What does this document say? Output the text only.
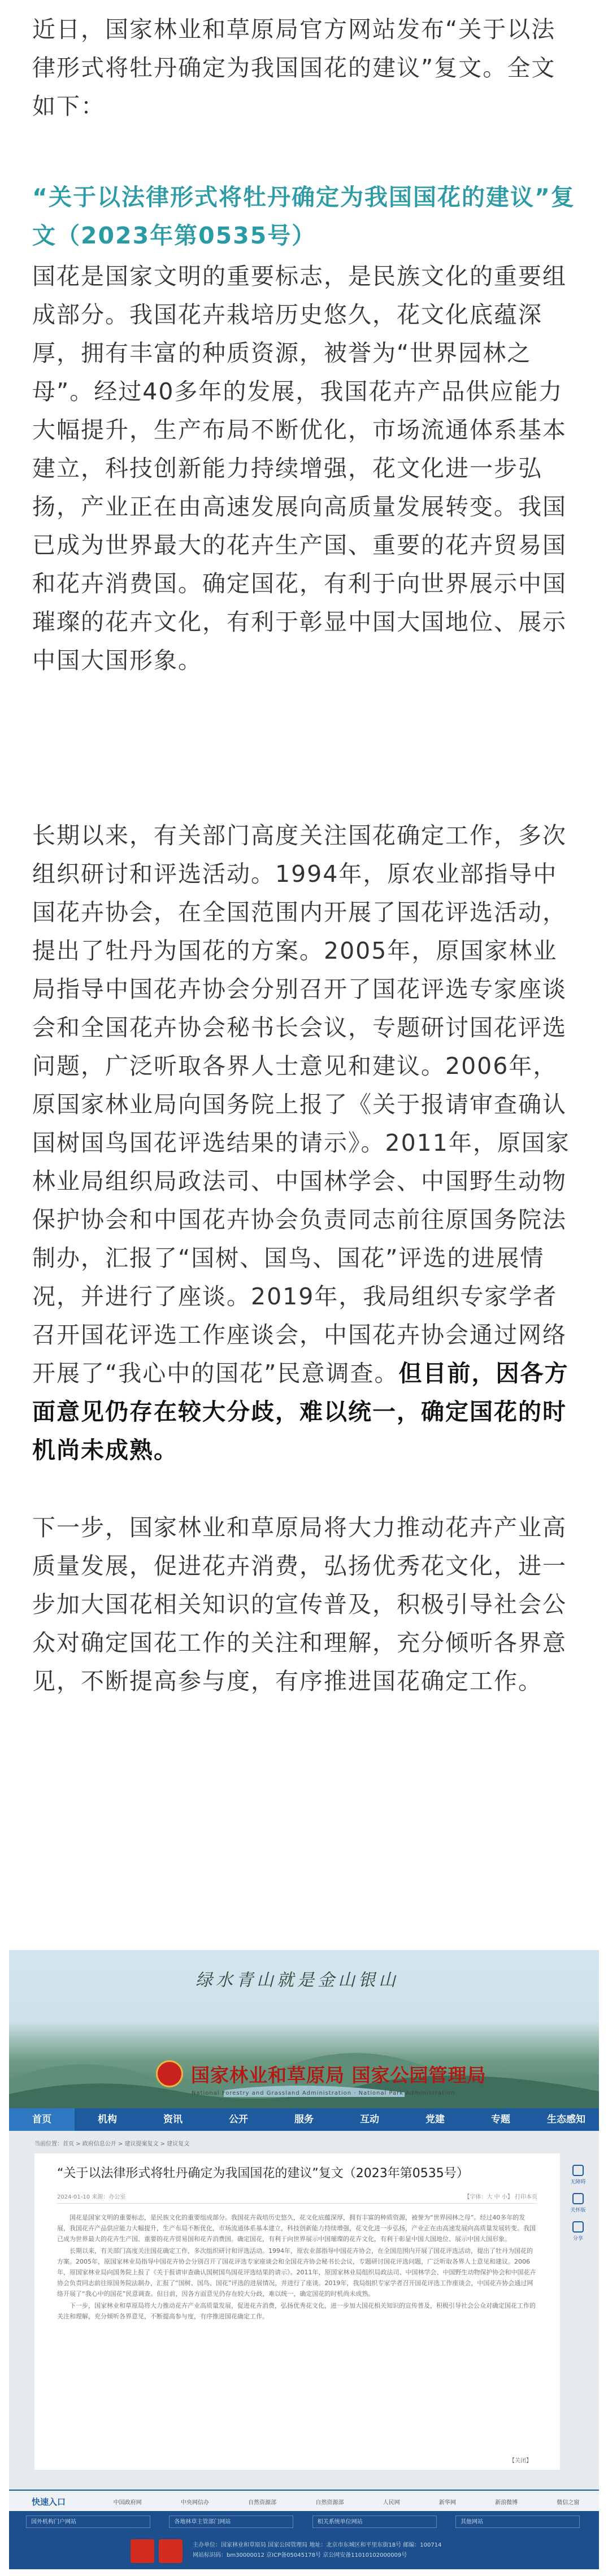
近日，国家林业和草原局官方网站发布“关于以法律形式将牡丹确定为我国国花的建议”复文。全文如下：

“关于以法律形式将牡丹确定为我国国花的建议”复文（2023年第0535号）

国花是国家文明的重要标志，是民族文化的重要组成部分。我国花卉栽培历史悠久，花文化底蕴深厚，拥有丰富的种质资源，被誉为“世界园林之母”。经过40多年的发展，我国花卉产品供应能力大幅提升，生产布局不断优化，市场流通体系基本建立，科技创新能力持续增强，花文化进一步弘扬，产业正在由高速发展向高质量发展转变。我国已成为世界最大的花卉生产国、重要的花卉贸易国和花卉消费国。确定国花，有利于向世界展示中国璀璨的花卉文化，有利于彰显中国大国地位、展示中国大国形象。

长期以来，有关部门高度关注国花确定工作，多次组织研讨和评选活动。1994年，原农业部指导中国花卉协会，在全国范围内开展了国花评选活动，提出了牡丹为国花的方案。2005年，原国家林业局指导中国花卉协会分别召开了国花评选专家座谈会和全国花卉协会秘书长会议，专题研讨国花评选问题，广泛听取各界人士意见和建议。2006年，原国家林业局向国务院上报了《关于报请审查确认国树国鸟国花评选结果的请示》。2011年，原国家林业局组织局政法司、中国林学会、中国野生动物保护协会和中国花卉协会负责同志前往原国务院法制办，汇报了“国树、国鸟、国花”评选的进展情况，并进行了座谈。2019年，我局组织专家学者召开国花评选工作座谈会，中国花卉协会通过网络开展了“我心中的国花”民意调查。但目前，因各方面意见仍存在较大分歧，难以统一，确定国花的时机尚未成熟。

下一步，国家林业和草原局将大力推动花卉产业高质量发展，促进花卉消费，弘扬优秀花文化，进一步加大国花相关知识的宣传普及，积极引导社会公众对确定国花工作的关注和理解，充分倾听各界意见，不断提高参与度，有序推进国花确定工作。

绿水青山就是金山银山
国家林业和草原局 国家公园管理局
National Forestry and Grassland Administration · National Park Administration
首页	机构	资讯	公开	服务	互动	党建	专题	生态感知
当前位置：首页 > 政府信息公开 > 建议提案复文 > 建议复文
“关于以法律形式将牡丹确定为我国国花的建议”复文（2023年第0535号）
2024-01-10 来源：办公室	【字体：大 中 小】 打印本页

国花是国家文明的重要标志，是民族文化的重要组成部分。我国花卉栽培历史悠久，花文化底蕴深厚，拥有丰富的种质资源，被誉为“世界园林之母”。经过40多年的发展，我国花卉产品供应能力大幅提升，生产布局不断优化，市场流通体系基本建立，科技创新能力持续增强，花文化进一步弘扬，产业正在由高速发展向高质量发展转变。我国已成为世界最大的花卉生产国、重要的花卉贸易国和花卉消费国。确定国花，有利于向世界展示中国璀璨的花卉文化，有利于彰显中国大国地位、展示中国大国形象。

长期以来，有关部门高度关注国花确定工作，多次组织研讨和评选活动。1994年，原农业部指导中国花卉协会，在全国范围内开展了国花评选活动，提出了牡丹为国花的方案。2005年，原国家林业局指导中国花卉协会分别召开了国花评选专家座谈会和全国花卉协会秘书长会议，专题研讨国花评选问题，广泛听取各界人士意见和建议。2006年，原国家林业局向国务院上报了《关于报请审查确认国树国鸟国花评选结果的请示》。2011年，原国家林业局组织局政法司、中国林学会、中国野生动物保护协会和中国花卉协会负责同志前往原国务院法制办，汇报了“国树、国鸟、国花”评选的进展情况，并进行了座谈。2019年，我局组织专家学者召开国花评选工作座谈会，中国花卉协会通过网络开展了“我心中的国花”民意调查。但目前，因各方面意见仍存在较大分歧，难以统一，确定国花的时机尚未成熟。

下一步，国家林业和草原局将大力推动花卉产业高质量发展，促进花卉消费，弘扬优秀花文化，进一步加大国花相关知识的宣传普及，积极引导社会公众对确定国花工作的关注和理解，充分倾听各界意见，不断提高参与度，有序推进国花确定工作。

【关闭】
无障碍
关怀版
分享
快速入口	中国政府网	中央网信办	自然资源部	自然资源部	人民网	新华网	新浪微博	微信之窗
国外机构门户网站	各地林草主管部门网站	相关系统单位网站	其他网站
主办单位：国家林业和草原局 国家公园管理局 地址：北京市东城区和平里东街18号 邮编：100714
网站标识码：bm30000012 京ICP备05045178号 京公网安备11010102000009号
